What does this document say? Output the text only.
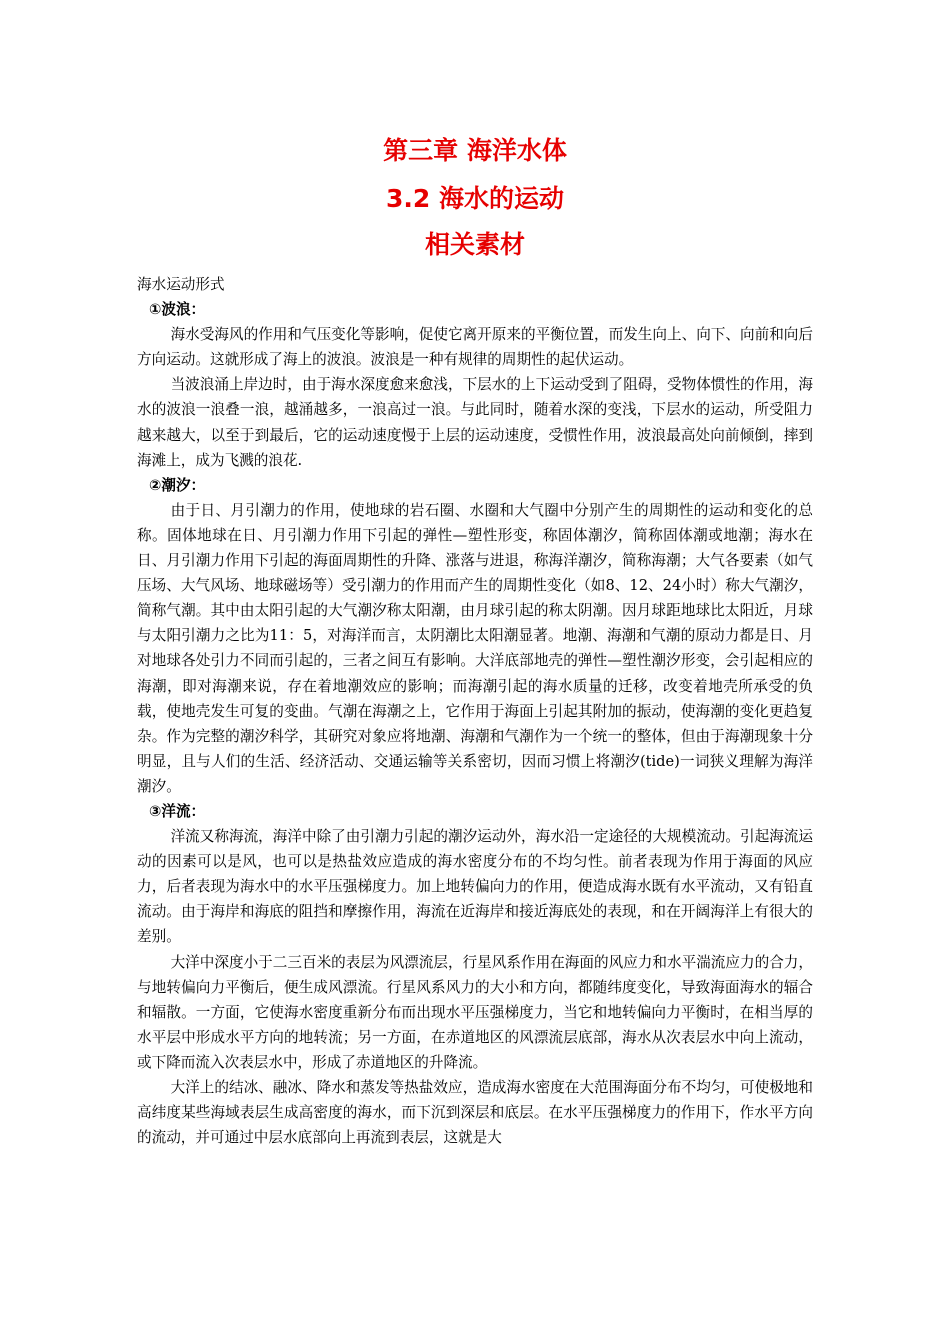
第三章 海洋水体
3.2 海水的运动
相关素材

海水运动形式

①波浪：

海水受海风的作用和气压变化等影响，促使它离开原来的平衡位置，而发生向上、向下、向前和向后方向运动。这就形成了海上的波浪。波浪是一种有规律的周期性的起伏运动。

当波浪涌上岸边时，由于海水深度愈来愈浅，下层水的上下运动受到了阻碍，受物体惯性的作用，海水的波浪一浪叠一浪，越涌越多，一浪高过一浪。与此同时，随着水深的变浅，下层水的运动，所受阻力越来越大，以至于到最后，它的运动速度慢于上层的运动速度，受惯性作用，波浪最高处向前倾倒，摔到海滩上，成为飞溅的浪花.

②潮汐：

由于日、月引潮力的作用，使地球的岩石圈、水圈和大气圈中分别产生的周期性的运动和变化的总称。固体地球在日、月引潮力作用下引起的弹性—塑性形变，称固体潮汐，简称固体潮或地潮；海水在日、月引潮力作用下引起的海面周期性的升降、涨落与进退，称海洋潮汐，简称海潮；大气各要素（如气压场、大气风场、地球磁场等）受引潮力的作用而产生的周期性变化（如8、12、24小时）称大气潮汐，简称气潮。其中由太阳引起的大气潮汐称太阳潮，由月球引起的称太阴潮。因月球距地球比太阳近，月球与太阳引潮力之比为11：5，对海洋而言，太阴潮比太阳潮显著。地潮、海潮和气潮的原动力都是日、月对地球各处引力不同而引起的，三者之间互有影响。大洋底部地壳的弹性—塑性潮汐形变，会引起相应的海潮，即对海潮来说，存在着地潮效应的影响；而海潮引起的海水质量的迁移，改变着地壳所承受的负载，使地壳发生可复的变曲。气潮在海潮之上，它作用于海面上引起其附加的振动，使海潮的变化更趋复杂。作为完整的潮汐科学，其研究对象应将地潮、海潮和气潮作为一个统一的整体，但由于海潮现象十分明显，且与人们的生活、经济活动、交通运输等关系密切，因而习惯上将潮汐(tide)一词狭义理解为海洋潮汐。

③洋流：

洋流又称海流，海洋中除了由引潮力引起的潮汐运动外，海水沿一定途径的大规模流动。引起海流运动的因素可以是风，也可以是热盐效应造成的海水密度分布的不均匀性。前者表现为作用于海面的风应力，后者表现为海水中的水平压强梯度力。加上地转偏向力的作用，便造成海水既有水平流动，又有铅直流动。由于海岸和海底的阻挡和摩擦作用，海流在近海岸和接近海底处的表现，和在开阔海洋上有很大的差别。

大洋中深度小于二三百米的表层为风漂流层，行星风系作用在海面的风应力和水平湍流应力的合力，与地转偏向力平衡后，便生成风漂流。行星风系风力的大小和方向，都随纬度变化，导致海面海水的辐合和辐散。一方面，它使海水密度重新分布而出现水平压强梯度力，当它和地转偏向力平衡时，在相当厚的水平层中形成水平方向的地转流；另一方面，在赤道地区的风漂流层底部，海水从次表层水中向上流动，或下降而流入次表层水中，形成了赤道地区的升降流。

大洋上的结冰、融冰、降水和蒸发等热盐效应，造成海水密度在大范围海面分布不均匀，可使极地和高纬度某些海域表层生成高密度的海水，而下沉到深层和底层。在水平压强梯度力的作用下，作水平方向的流动，并可通过中层水底部向上再流到表层，这就是大
